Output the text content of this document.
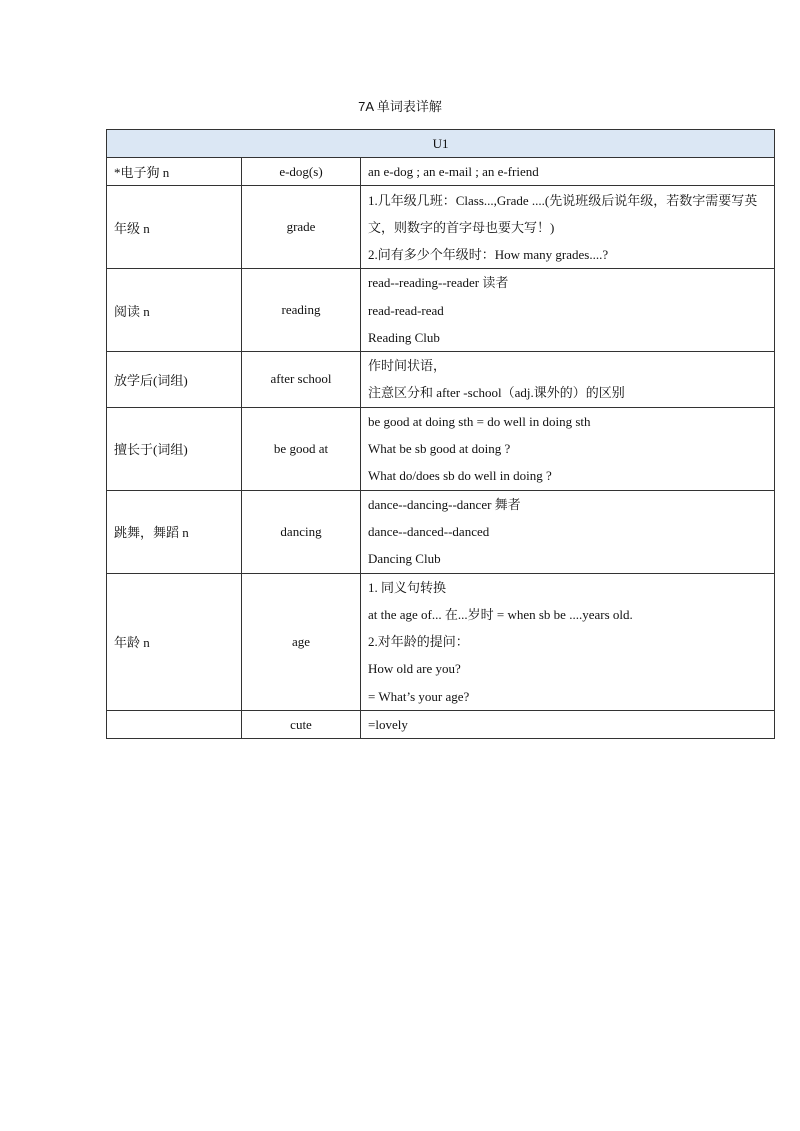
7A 单词表详解
U1		
*电子狗 n	e-dog(s)	an e-dog ; an e-mail ; an e-friend

年级 n	grade	1.几年级几班：Class...,Grade ....(先说班级后说年级，若数字需要写英文，则数字的首字母也要大写！)
2.问有多少个年级时：How many grades....?

阅读 n	reading	read--reading--reader 读者
read-read-read
Reading Club

放学后(词组)	after school	作时间状语，
注意区分和 after -school（adj.课外的）的区别

擅长于(词组)	be good at	be good at doing sth = do well in doing sth
What be sb good at doing ?
What do/does sb do well in doing ?

跳舞，舞蹈 n	dancing	dance--dancing--dancer 舞者
dance--danced--danced
Dancing Club

年龄 n	age	1. 同义句转换
at the age of... 在...岁时 = when sb be ....years old.
2.对年龄的提问：
How old are you?
= What’s your age?

	cute	=lovely
